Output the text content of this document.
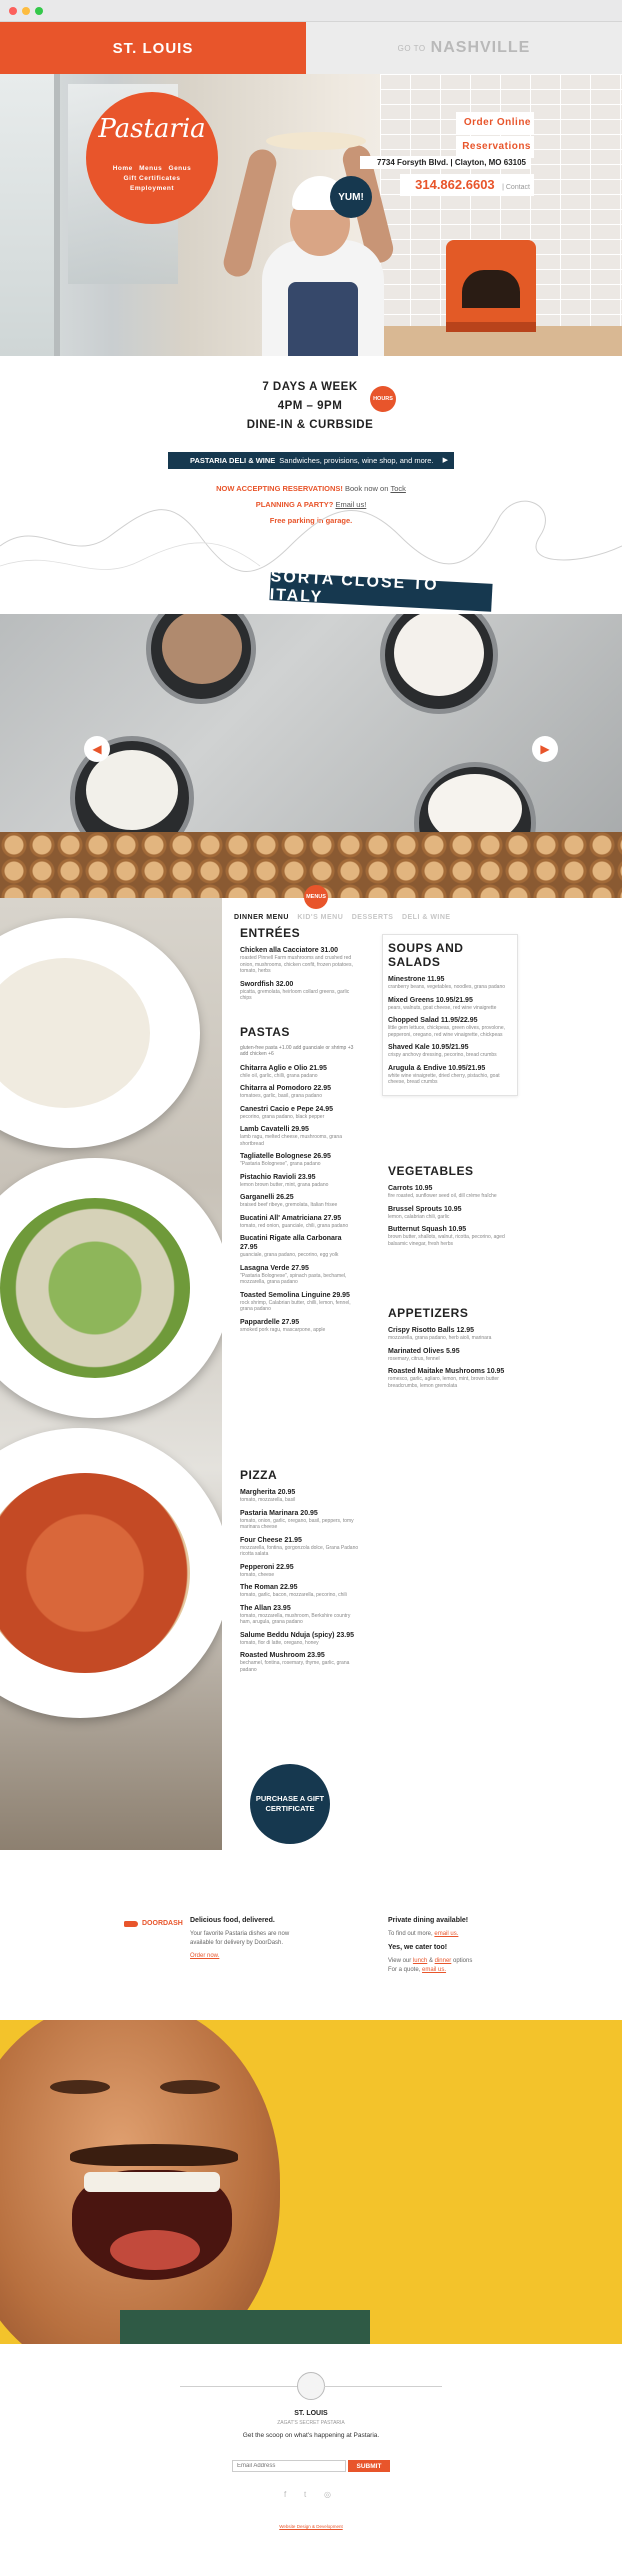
ST. LOUIS	GO TO NASHVILLE
Pastaria
Home Menus Genus
Gift Certificates
Employment
YUM!
Order Online
Reservations
7734 Forsyth Blvd. | Clayton, MO 63105
314.862.6603 | Contact
7 DAYS A WEEK
4PM – 9PM
DINE-IN & CURBSIDE
HOURS
PASTARIA DELI & WINE Sandwiches, provisions, wine shop, and more. ▶
NOW ACCEPTING RESERVATIONS! Book now on Tock
PLANNING A PARTY? Email us!
Free parking in garage.
SORTA CLOSE TO ITALY
◀	▶
MENUS
DINNER MENU KID'S MENU DESSERTS DELI & WINE
ENTRÉES
Chicken alla Cacciatore 31.00
roasted Pinnell Farm mushrooms and crushed red onion, mushrooms, chicken confit, frozen potatoes, tomato, herbs
Swordfish 32.00
picatta, gremolata, heirloom collard greens, garlic chips
PASTAS
gluten-free pasta +1.00 add guanciale or shrimp +3 add chicken +6
Chitarra Aglio e Olio 21.95
chile oil, garlic, chilli, grana padano
Chitarra al Pomodoro 22.95
tomatoes, garlic, basil, grana padano
Canestri Cacio e Pepe 24.95
pecorino, grana padano, black pepper
Lamb Cavatelli 29.95
lamb ragu, melted cheese, mushrooms, grana shortbread
Tagliatelle Bolognese 26.95
"Pastaria Bolognese", grana padano
Pistachio Ravioli 23.95
lemon brown butter, mint, grana padano
Garganelli 26.25
braised beef ribeye, gremolata, Italian frisee
Bucatini All' Amatriciana 27.95
tomato, red onion, guanciale, chili, grana padano
Bucatini Rigate alla Carbonara 27.95
guanciale, grana padano, pecorino, egg yolk
Lasagna Verde 27.95
"Pastaria Bolognese", spinach pasta, bechamel, mozzarella, grana padano
Toasted Semolina Linguine 29.95
rock shrimp, Calabrian butter, chilli, lemon, fennel, grana padano
Pappardelle 27.95
smoked pork ragu, mascarpone, apple
PIZZA
Margherita 20.95
tomato, mozzarella, basil
Pastaria Marinara 20.95
tomato, onion, garlic, oregano, basil, peppers, tomy marinara cheese
Four Cheese 21.95
mozzarella, fontina, gorgonzola dolce, Grana Padano ricotta salata
Pepperoni 22.95
tomato, cheese
The Roman 22.95
tomato, garlic, bacon, mozzarella, pecorino, chili
The Allan 23.95
tomato, mozzarella, mushroom, Berkshire country ham, arugula, grana padano
Salume Beddu Nduja (spicy) 23.95
tomato, fior di latte, oregano, honey
Roasted Mushroom 23.95
bechamel, fontina, rosemary, thyme, garlic, grana padano
SOUPS AND SALADS
Minestrone 11.95
cranberry beans, vegetables, noodles, grana padano
Mixed Greens 10.95/21.95
pears, walnuts, goat cheese, red wine vinaigrette
Chopped Salad 11.95/22.95
little gem lettuce, chickpeas, green olives, provolone, pepperoni, oregano, red wine vinaigrette, chickpeas
Shaved Kale 10.95/21.95
crispy anchovy dressing, pecorino, bread crumbs
Arugula & Endive 10.95/21.95
white wine vinaigrette, dried cherry, pistachio, goat cheese, bread crumbs
VEGETABLES
Carrots 10.95
fire roasted, sunflower seed oil, dill crème fraîche
Brussel Sprouts 10.95
lemon, calabrian chili, garlic
Butternut Squash 10.95
brown butter, shallots, walnut, ricotta, pecorino, aged balsamic vinegar, fresh herbs
APPETIZERS
Crispy Risotto Balls 12.95
mozzarella, grana padano, herb aioli, marinara
Marinated Olives 5.95
rosemary, citrus, fennel
Roasted Maitake Mushrooms 10.95
romesco, garlic, agliaro, lemon, mint, brown butter breadcrumbs, lemon gremolata
PURCHASE A GIFT CERTIFICATE
DOORDASH Delicious food, delivered.
Your favorite Pastaria dishes are now available for delivery by DoorDash.
Order now.
Private dining available!
To find out more, email us.
Yes, we cater too!
View our lunch & dinner options
For a quote, email us.
ST. LOUIS
ZAGAT'S SECRET PASTARIA
Get the scoop on what's happening at Pastaria.
Email Address
SUBMIT
f t ◎
Website Design & Development
